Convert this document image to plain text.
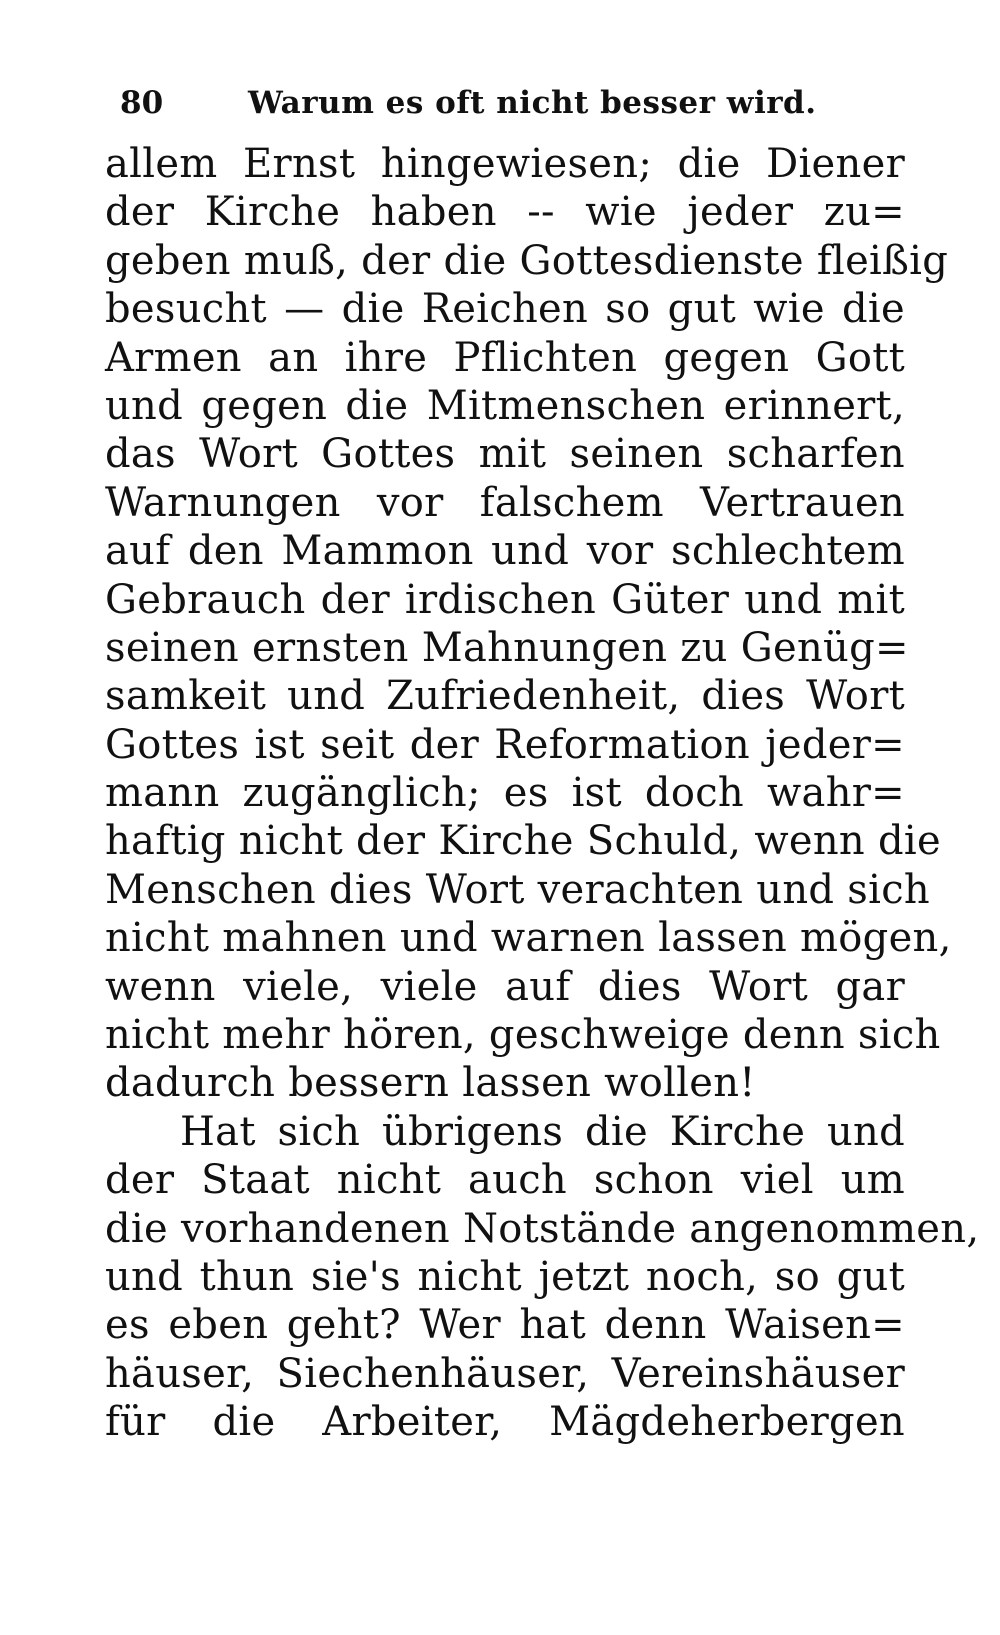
80	Warum es oft nicht besser wird.
allem Ernst hingewiesen; die Diener
der Kirche haben -- wie jeder zu=
geben muß, der die Gottesdienste fleißig
besucht — die Reichen so gut wie die
Armen an ihre Pflichten gegen Gott
und gegen die Mitmenschen erinnert,
das Wort Gottes mit seinen scharfen
Warnungen vor falschem Vertrauen
auf den Mammon und vor schlechtem
Gebrauch der irdischen Güter und mit
seinen ernsten Mahnungen zu Genüg=
samkeit und Zufriedenheit, dies Wort
Gottes ist seit der Reformation jeder=
mann zugänglich; es ist doch wahr=
haftig nicht der Kirche Schuld, wenn die
Menschen dies Wort verachten und sich
nicht mahnen und warnen lassen mögen,
wenn viele, viele auf dies Wort gar
nicht mehr hören, geschweige denn sich
dadurch bessern lassen wollen!
Hat sich übrigens die Kirche und
der Staat nicht auch schon viel um
die vorhandenen Notstände angenommen,
und thun sie's nicht jetzt noch, so gut
es eben geht? Wer hat denn Waisen=
häuser, Siechenhäuser, Vereinshäuser
für die Arbeiter, Mägdeherbergen
